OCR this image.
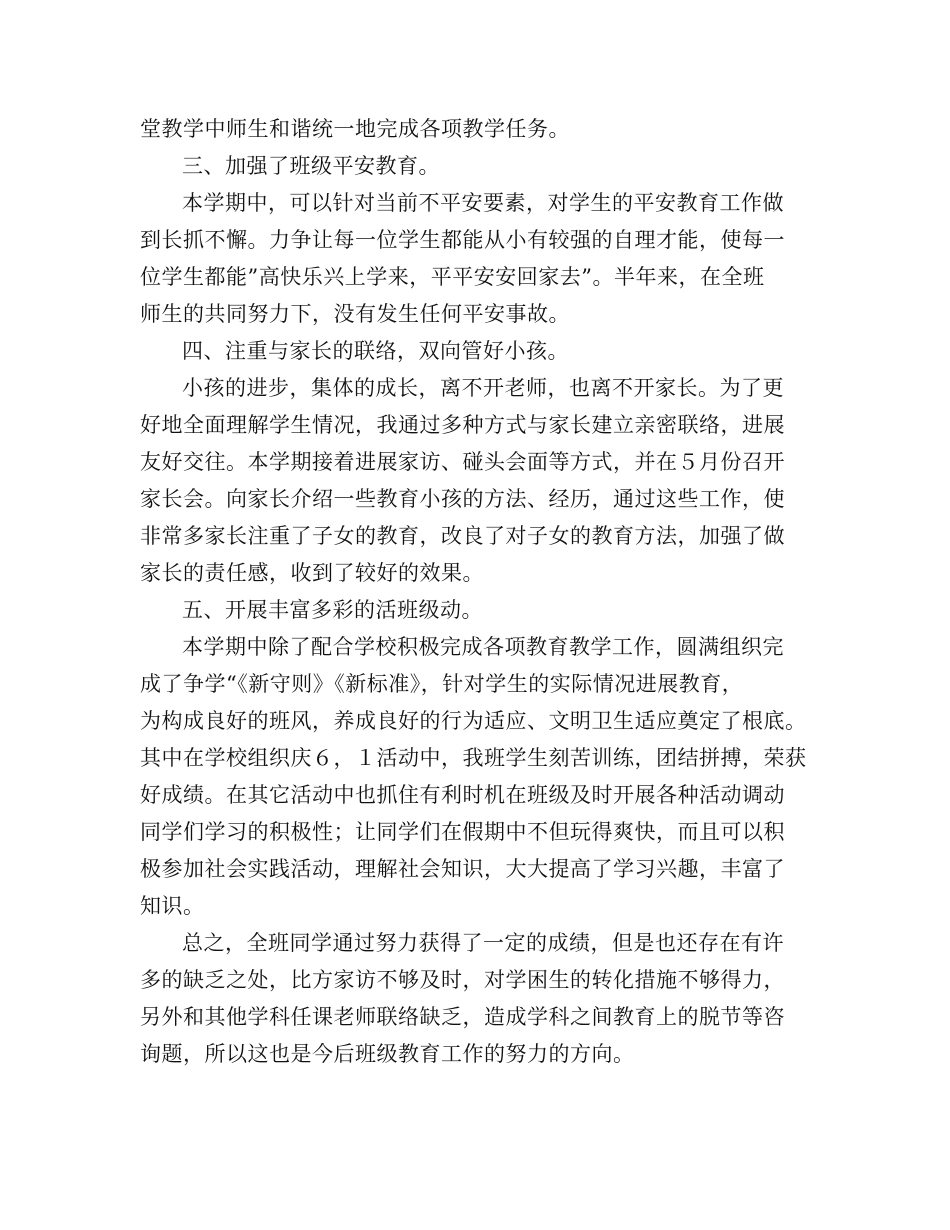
堂教学中师生和谐统一地完成各项教学任务。
三、加强了班级平安教育。
本学期中，可以针对当前不平安要素，对学生的平安教育工作做
到长抓不懈。力争让每一位学生都能从小有较强的自理才能，使每一
位学生都能”高快乐兴上学来，平平安安回家去”。半年来，在全班
师生的共同努力下，没有发生任何平安事故。
四、注重与家长的联络，双向管好小孩。
小孩的进步，集体的成长，离不开老师，也离不开家长。为了更
好地全面理解学生情况，我通过多种方式与家长建立亲密联络，进展
友好交往。本学期接着进展家访、碰头会面等方式，并在５月份召开
家长会。向家长介绍一些教育小孩的方法、经历，通过这些工作，使
非常多家长注重了子女的教育，改良了对子女的教育方法，加强了做
家长的责任感，收到了较好的效果。
五、开展丰富多彩的活班级动。
本学期中除了配合学校积极完成各项教育教学工作，圆满组织完
成了争学“《新守则》《新标准》，针对学生的实际情况进展教育，
为构成良好的班风，养成良好的行为适应、文明卫生适应奠定了根底。
其中在学校组织庆６，１活动中，我班学生刻苦训练，团结拼搏，荣获
好成绩。在其它活动中也抓住有利时机在班级及时开展各种活动调动
同学们学习的积极性；让同学们在假期中不但玩得爽快，而且可以积
极参加社会实践活动，理解社会知识，大大提高了学习兴趣，丰富了
知识。
总之，全班同学通过努力获得了一定的成绩，但是也还存在有许
多的缺乏之处，比方家访不够及时，对学困生的转化措施不够得力，
另外和其他学科任课老师联络缺乏，造成学科之间教育上的脱节等咨
询题，所以这也是今后班级教育工作的努力的方向。
